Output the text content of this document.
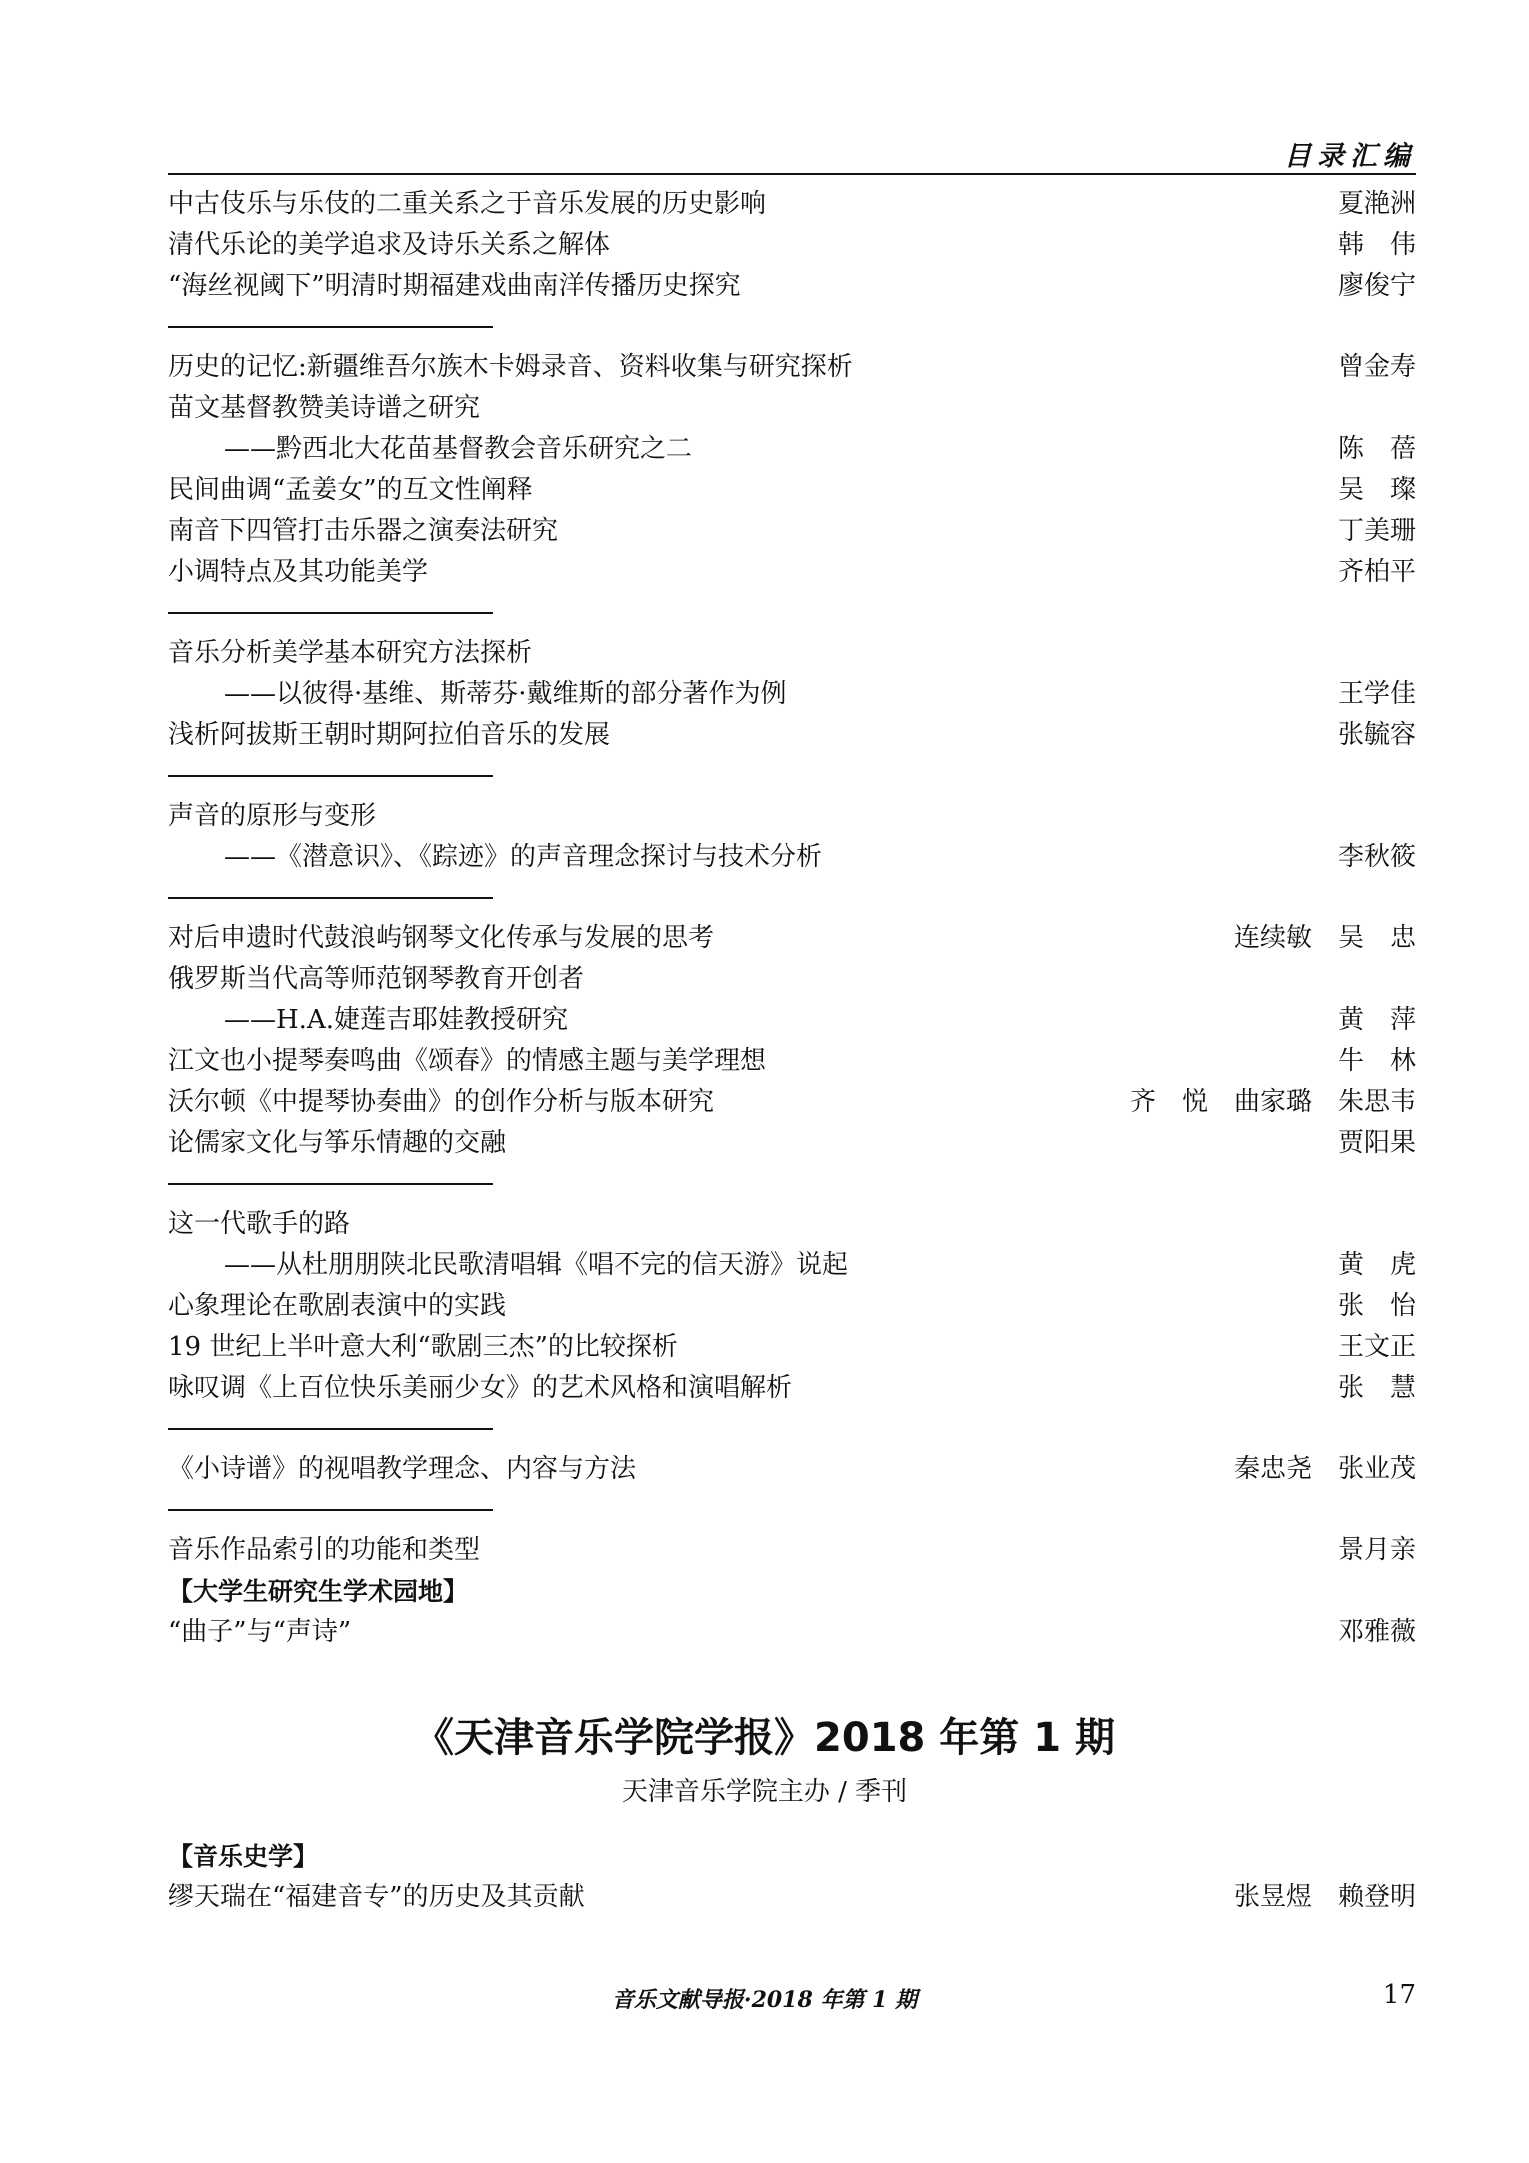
目录汇编
中古伎乐与乐伎的二重关系之于音乐发展的历史影响	夏滟洲
清代乐论的美学追求及诗乐关系之解体	韩伟
“海丝视阈下”明清时期福建戏曲南洋传播历史探究	廖俊宁
历史的记忆:新疆维吾尔族木卡姆录音、资料收集与研究探析	曾金寿
苗文基督教赞美诗谱之研究
——黔西北大花苗基督教会音乐研究之二	陈蓓
民间曲调“孟姜女”的互文性阐释	吴璨
南音下四管打击乐器之演奏法研究	丁美珊
小调特点及其功能美学	齐柏平
音乐分析美学基本研究方法探析
——以彼得·基维、斯蒂芬·戴维斯的部分著作为例	王学佳
浅析阿拔斯王朝时期阿拉伯音乐的发展	张毓容
声音的原形与变形
——《潜意识》、《踪迹》的声音理念探讨与技术分析	李秋筱
对后申遗时代鼓浪屿钢琴文化传承与发展的思考	连续敏 吴忠
俄罗斯当代高等师范钢琴教育开创者
——H.A.婕莲吉耶娃教授研究	黄萍
江文也小提琴奏鸣曲《颂春》的情感主题与美学理想	牛林
沃尔顿《中提琴协奏曲》的创作分析与版本研究	齐悦 曲家璐 朱思韦
论儒家文化与筝乐情趣的交融	贾阳果
这一代歌手的路
——从杜朋朋陕北民歌清唱辑《唱不完的信天游》说起	黄虎
心象理论在歌剧表演中的实践	张怡
19 世纪上半叶意大利“歌剧三杰”的比较探析	王文正
咏叹调《上百位快乐美丽少女》的艺术风格和演唱解析	张慧
《小诗谱》的视唱教学理念、内容与方法	秦忠尧 张业茂
音乐作品索引的功能和类型	景月亲
【大学生研究生学术园地】
“曲子”与“声诗”	邓雅薇
《天津音乐学院学报》2018 年第 1 期
天津音乐学院主办 / 季刊
【音乐史学】
缪天瑞在“福建音专”的历史及其贡献	张昱煜 赖登明
音乐文献导报·2018 年第 1 期	17
